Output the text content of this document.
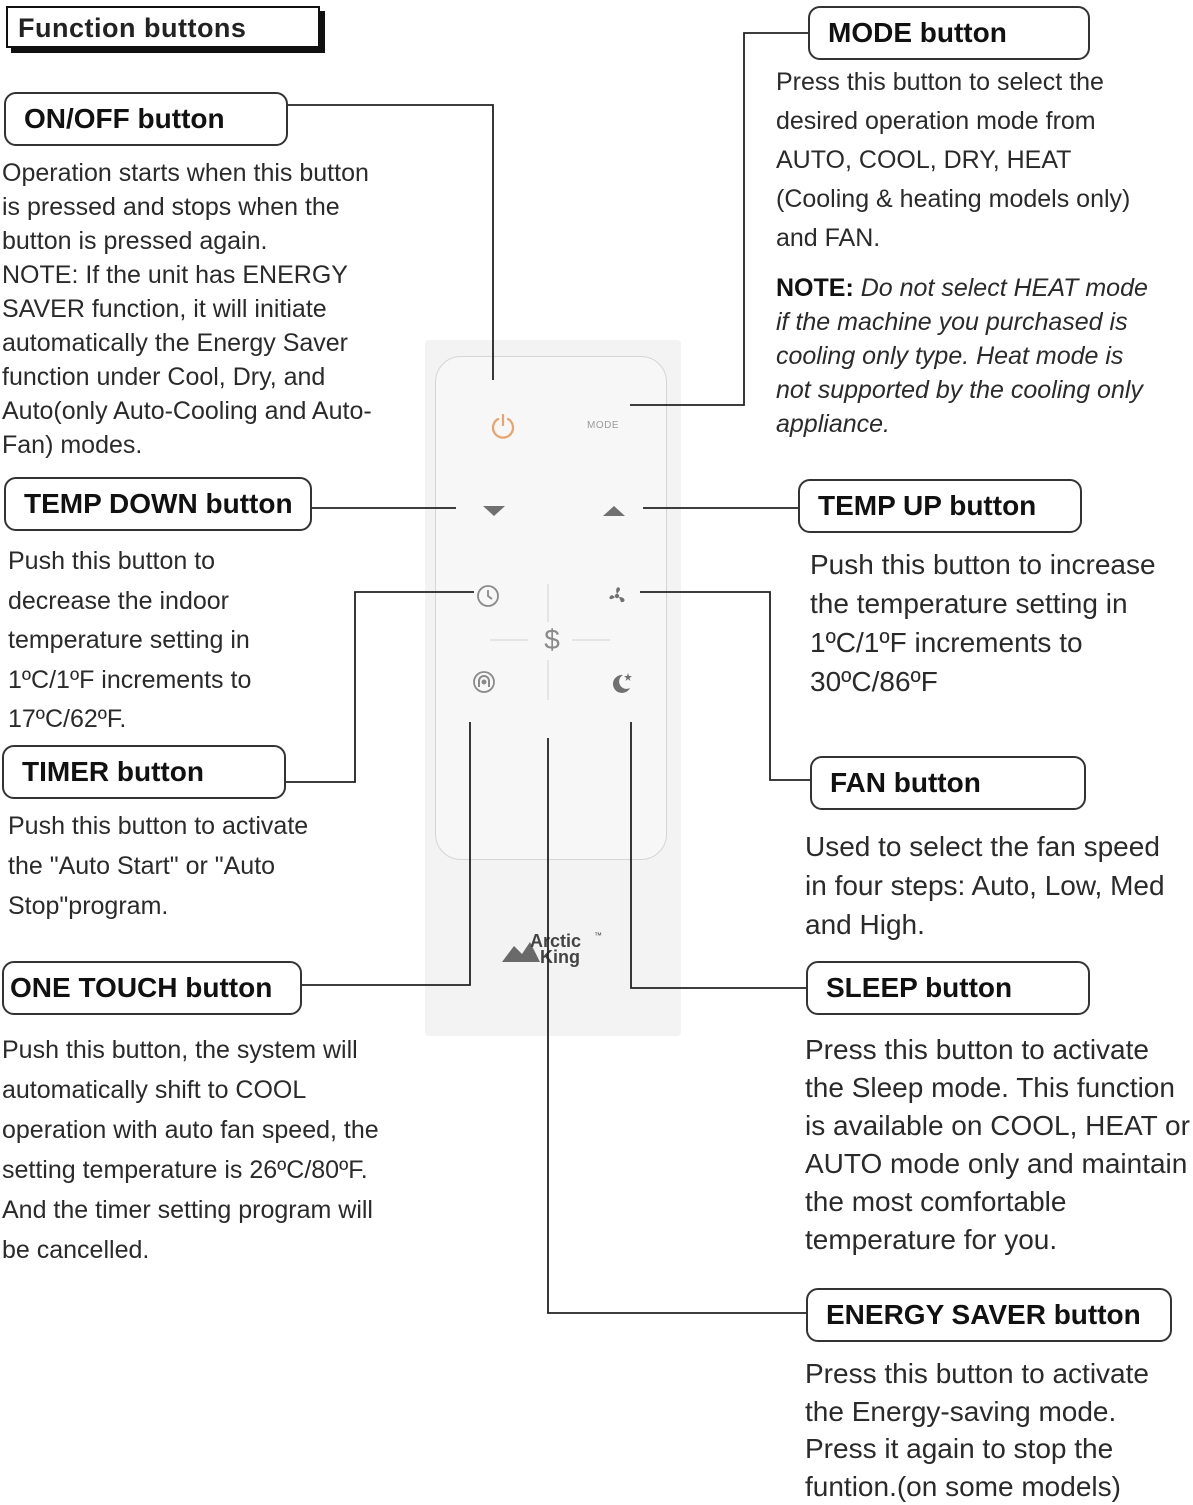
Function buttons
MODE
$
Arctic
King
™
ON/OFF button
MODE button
TEMP DOWN button	TEMP UP button
TIMER button	FAN button
ONE TOUCH button	SLEEP button
ENERGY SAVER button

Operation starts when this button is pressed and stops when the button is pressed again.
NOTE: If the unit has ENERGY SAVER function, it will initiate automatically the Energy Saver function under Cool, Dry, and Auto(only Auto-Cooling and Auto-Fan) modes.

Press this button to select the desired operation mode from AUTO, COOL, DRY, HEAT (Cooling & heating models only) and FAN.

NOTE: Do not select HEAT mode if the machine you purchased is cooling only type. Heat mode is not supported by the cooling only appliance.

Push this button to decrease the indoor temperature setting in 1ºC/1ºF increments to 17ºC/62ºF.

Push this button to increase the temperature setting in 1ºC/1ºF increments to 30ºC/86ºF

Push this button to activate the "Auto Start" or "Auto Stop"program.

Used to select the fan speed in four steps: Auto, Low, Med and High.

Push this button, the system will automatically shift to COOL operation with auto fan speed, the setting temperature is 26ºC/80ºF. And the timer setting program will be cancelled.

Press this button to activate the Sleep mode. This function is available on COOL, HEAT or AUTO mode only and maintain the most comfortable temperature for you.

Press this button to activate the Energy-saving mode. Press it again to stop the funtion.(on some models)
